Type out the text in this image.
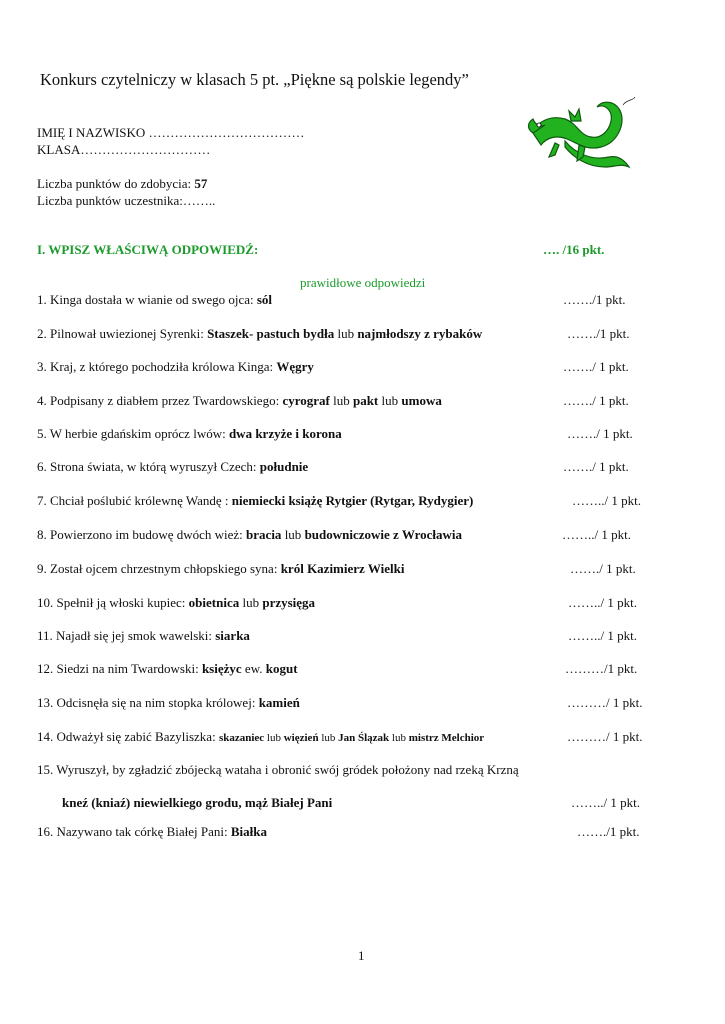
Konkurs czytelniczy w klasach 5 pt. „Piękne są polskie legendy”
IMIĘ I NAZWISKO ………………………………
KLASA…………………………
Liczba punktów do zdobycia: 57
Liczba punktów uczestnika:……..
I. WPISZ WŁAŚCIWĄ ODPOWIEDŹ:	…. /16 pkt.
prawidłowe odpowiedzi
1. Kinga dostała w wianie od swego ojca: sól	……./1 pkt.
2. Pilnował uwiezionej Syrenki: Staszek- pastuch bydła lub najmłodszy z rybaków	……./1 pkt.
3. Kraj, z którego pochodziła królowa Kinga: Węgry	……./ 1 pkt.
4. Podpisany z diabłem przez Twardowskiego: cyrograf lub pakt lub umowa	……./ 1 pkt.
5. W herbie gdańskim oprócz lwów: dwa krzyże i korona	……./ 1 pkt.
6. Strona świata, w którą wyruszył Czech: południe	……./ 1 pkt.
7. Chciał poślubić królewnę Wandę : niemiecki książę Rytgier (Rytgar, Rydygier)	……../ 1 pkt.
8. Powierzono im budowę dwóch wież: bracia lub budowniczowie z Wrocławia	……../ 1 pkt.
9. Został ojcem chrzestnym chłopskiego syna: król Kazimierz Wielki	……./ 1 pkt.
10. Spełnił ją włoski kupiec: obietnica lub przysięga	……../ 1 pkt.
11. Najadł się jej smok wawelski: siarka	……../ 1 pkt.
12. Siedzi na nim Twardowski: księżyc ew. kogut	………/1 pkt.
13. Odcisnęła się na nim stopka królowej: kamień	………/ 1 pkt.
14. Odważył się zabić Bazyliszka: skazaniec lub więzień lub Jan Ślązak lub mistrz Melchior	………/ 1 pkt.
15. Wyruszył, by zgładzić zbójecką wataha i obronić swój gródek położony nad rzeką Krzną
kneź (kniaź) niewielkiego grodu, mąż Białej Pani	……../ 1 pkt.
16. Nazywano tak córkę Białej Pani: Białka	……./1 pkt.
1
